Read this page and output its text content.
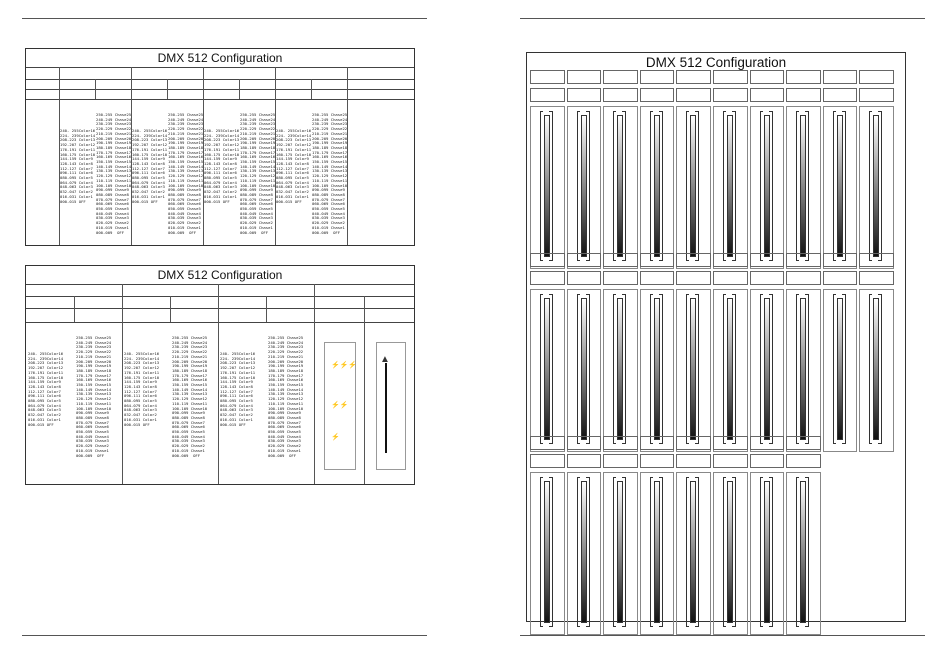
DMX 512 Configuration
240- 255Color16
224- 239Color14
208-223 Color13
192-207 Color12
176-191 Color11
160-175 Color10
144-159 Color9
128-143 Color8
112-127 Color7
096-111 Color6
080-095 Color5
064-079 Color4
048-063 Color3
032-047 Color2
016-031 Color1
000-015 OFF
250-255 Chase25
240-249 Chase24
230-239 Chase23
220-229 Chase22
210-219 Chase21
200-209 Chase20
190-199 Chase19
180-189 Chase18
170-179 Chase17
160-169 Chase16
150-159 Chase15
140-149 Chase14
130-139 Chase13
120-129 Chase12
110-119 Chase11
100-109 Chase10
090-099 Chase9
080-089 Chase8
070-079 Chase7
060-069 Chase6
050-059 Chase5
040-049 Chase4
030-039 Chase3
020-029 Chase2
010-019 Chase1
000-009  OFF
240- 255Color16
224- 239Color14
208-223 Color13
192-207 Color12
176-191 Color11
160-175 Color10
144-159 Color9
128-143 Color8
112-127 Color7
096-111 Color6
080-095 Color5
064-079 Color4
048-063 Color3
032-047 Color2
016-031 Color1
000-015 OFF
250-255 Chase25
240-249 Chase24
230-239 Chase23
220-229 Chase22
210-219 Chase21
200-209 Chase20
190-199 Chase19
180-189 Chase18
170-179 Chase17
160-169 Chase16
150-159 Chase15
140-149 Chase14
130-139 Chase13
120-129 Chase12
110-119 Chase11
100-109 Chase10
090-099 Chase9
080-089 Chase8
070-079 Chase7
060-069 Chase6
050-059 Chase5
040-049 Chase4
030-039 Chase3
020-029 Chase2
010-019 Chase1
000-009  OFF
240- 255Color16
224- 239Color14
208-223 Color13
192-207 Color12
176-191 Color11
160-175 Color10
144-159 Color9
128-143 Color8
112-127 Color7
096-111 Color6
080-095 Color5
064-079 Color4
048-063 Color3
032-047 Color2
016-031 Color1
000-015 OFF
250-255 Chase25
240-249 Chase24
230-239 Chase23
220-229 Chase22
210-219 Chase21
200-209 Chase20
190-199 Chase19
180-189 Chase18
170-179 Chase17
160-169 Chase16
150-159 Chase15
140-149 Chase14
130-139 Chase13
120-129 Chase12
110-119 Chase11
100-109 Chase10
090-099 Chase9
080-089 Chase8
070-079 Chase7
060-069 Chase6
050-059 Chase5
040-049 Chase4
030-039 Chase3
020-029 Chase2
010-019 Chase1
000-009  OFF
240- 255Color16
224- 239Color14
208-223 Color13
192-207 Color12
176-191 Color11
160-175 Color10
144-159 Color9
128-143 Color8
112-127 Color7
096-111 Color6
080-095 Color5
064-079 Color4
048-063 Color3
032-047 Color2
016-031 Color1
000-015 OFF
250-255 Chase25
240-249 Chase24
230-239 Chase23
220-229 Chase22
210-219 Chase21
200-209 Chase20
190-199 Chase19
180-189 Chase18
170-179 Chase17
160-169 Chase16
150-159 Chase15
140-149 Chase14
130-139 Chase13
120-129 Chase12
110-119 Chase11
100-109 Chase10
090-099 Chase9
080-089 Chase8
070-079 Chase7
060-069 Chase6
050-059 Chase5
040-049 Chase4
030-039 Chase3
020-029 Chase2
010-019 Chase1
000-009  OFF
DMX 512 Configuration
240- 255Color16
224- 239Color14
208-223 Color13
192-207 Color12
176-191 Color11
160-175 Color10
144-159 Color9
128-143 Color8
112-127 Color7
096-111 Color6
080-095 Color5
064-079 Color4
048-063 Color3
032-047 Color2
016-031 Color1
000-015 OFF
250-255 Chase25
240-249 Chase24
230-239 Chase23
220-229 Chase22
210-219 Chase21
200-209 Chase20
190-199 Chase19
180-189 Chase18
170-179 Chase17
160-169 Chase16
150-159 Chase15
140-149 Chase14
130-139 Chase13
120-129 Chase12
110-119 Chase11
100-109 Chase10
090-099 Chase9
080-089 Chase8
070-079 Chase7
060-069 Chase6
050-059 Chase5
040-049 Chase4
030-039 Chase3
020-029 Chase2
010-019 Chase1
000-009  OFF
240- 255Color16
224- 239Color14
208-223 Color13
192-207 Color12
176-191 Color11
160-175 Color10
144-159 Color9
128-143 Color8
112-127 Color7
096-111 Color6
080-095 Color5
064-079 Color4
048-063 Color3
032-047 Color2
016-031 Color1
000-015 OFF
250-255 Chase25
240-249 Chase24
230-239 Chase23
220-229 Chase22
210-219 Chase21
200-209 Chase20
190-199 Chase19
180-189 Chase18
170-179 Chase17
160-169 Chase16
150-159 Chase15
140-149 Chase14
130-139 Chase13
120-129 Chase12
110-119 Chase11
100-109 Chase10
090-099 Chase9
080-089 Chase8
070-079 Chase7
060-069 Chase6
050-059 Chase5
040-049 Chase4
030-039 Chase3
020-029 Chase2
010-019 Chase1
000-009  OFF
240- 255Color16
224- 239Color14
208-223 Color13
192-207 Color12
176-191 Color11
160-175 Color10
144-159 Color9
128-143 Color8
112-127 Color7
096-111 Color6
080-095 Color5
064-079 Color4
048-063 Color3
032-047 Color2
016-031 Color1
000-015 OFF
250-255 Chase25
240-249 Chase24
230-239 Chase23
220-229 Chase22
210-219 Chase21
200-209 Chase20
190-199 Chase19
180-189 Chase18
170-179 Chase17
160-169 Chase16
150-159 Chase15
140-149 Chase14
130-139 Chase13
120-129 Chase12
110-119 Chase11
100-109 Chase10
090-099 Chase9
080-089 Chase8
070-079 Chase7
060-069 Chase6
050-059 Chase5
040-049 Chase4
030-039 Chase3
020-029 Chase2
010-019 Chase1
000-009  OFF
⚡⚡⚡
⚡⚡
⚡
▲
DMX 512 Configuration
